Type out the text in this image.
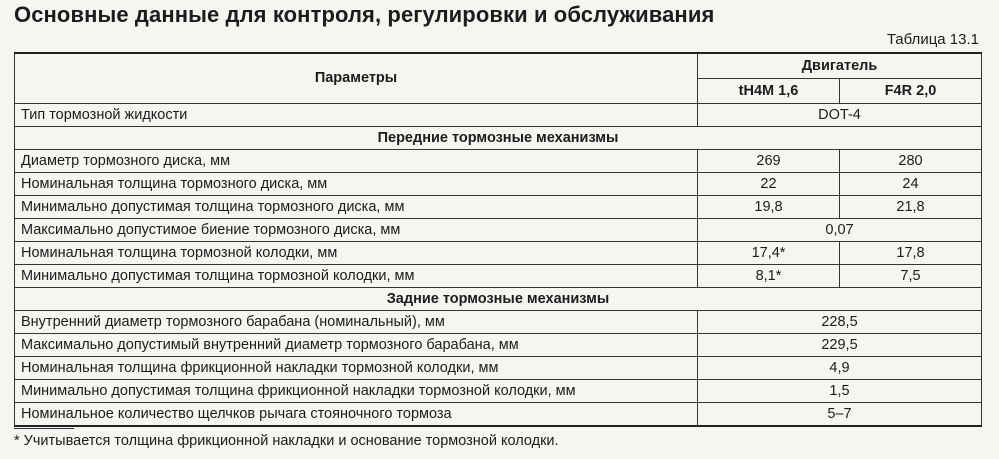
Основные данные для контроля, регулировки и обслуживания
Таблица 13.1
Параметры	Двигатель	
	tH4M 1,6	F4R 2,0
Тип тормозной жидкости	DOT-4	
Передние тормозные механизмы		
Диаметр тормозного диска, мм	269	280
Номинальная толщина тормозного диска, мм	22	24
Минимально допустимая толщина тормозного диска, мм	19,8	21,8
Максимально допустимое биение тормозного диска, мм	0,07	
Номинальная толщина тормозной колодки, мм	17,4*	17,8
Минимально допустимая толщина тормозной колодки, мм	8,1*	7,5
Задние тормозные механизмы		
Внутренний диаметр тормозного барабана (номинальный), мм	228,5	
Максимально допустимый внутренний диаметр тормозного барабана, мм	229,5	
Номинальная толщина фрикционной накладки тормозной колодки, мм	4,9	
Минимально допустимая толщина фрикционной накладки тормозной колодки, мм	1,5	
Номинальное количество щелчков рычага стояночного тормоза	5–7	
* Учитывается толщина фрикционной накладки и основание тормозной колодки.
